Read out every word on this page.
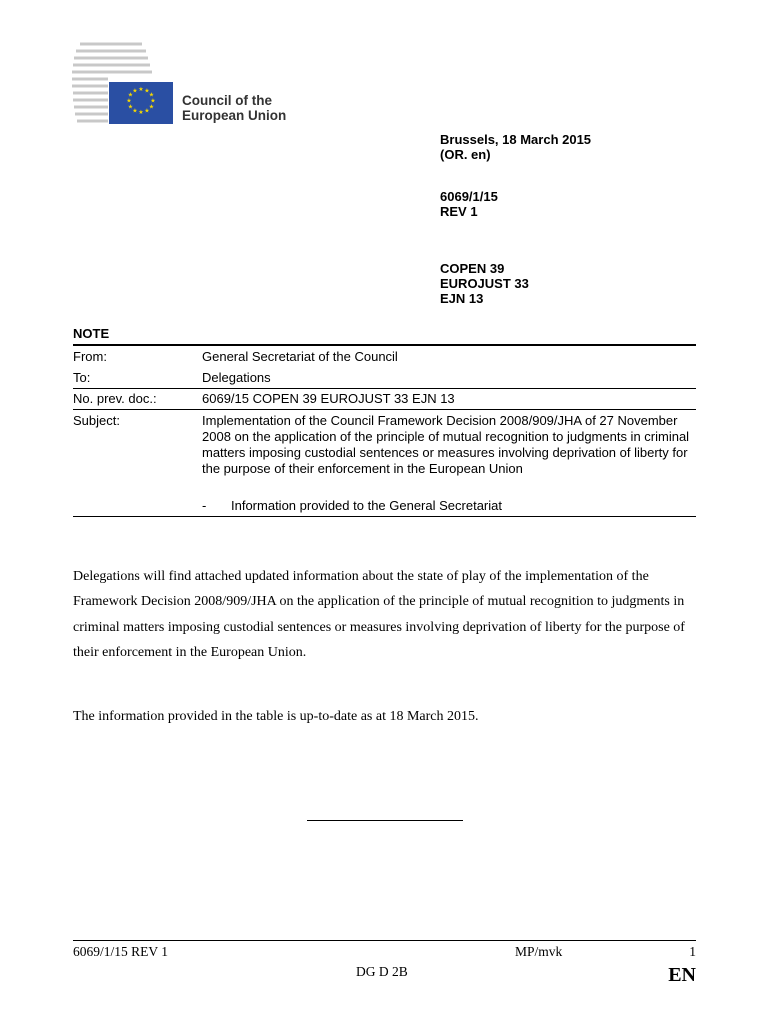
★ ★
★
★
★
★
★
★
★
★
★
★
Council of the
European Union
Brussels, 18 March 2015
(OR. en)
6069/1/15
REV 1
COPEN 39
EUROJUST 33
EJN 13
NOTE
From:	General Secretariat of the Council
To:	Delegations
No. prev. doc.:	6069/15 COPEN 39 EUROJUST 33 EJN 13
Subject:	Implementation of the Council Framework Decision 2008/909/JHA of 27 November 2008 on the application of the principle of mutual recognition to judgments in criminal matters imposing custodial sentences or measures involving deprivation of liberty for the purpose of their enforcement in the European Union
- Information provided to the General Secretariat
Delegations will find attached updated information about the state of play of the implementation of the Framework Decision 2008/909/JHA on the application of the principle of mutual recognition to judgments in criminal matters imposing custodial sentences or measures involving deprivation of liberty for the purpose of their enforcement in the European Union.
The information provided in the table is up-to-date as at 18 March 2015.
6069/1/15 REV 1	MP/mvk	1
DG D 2B	EN
